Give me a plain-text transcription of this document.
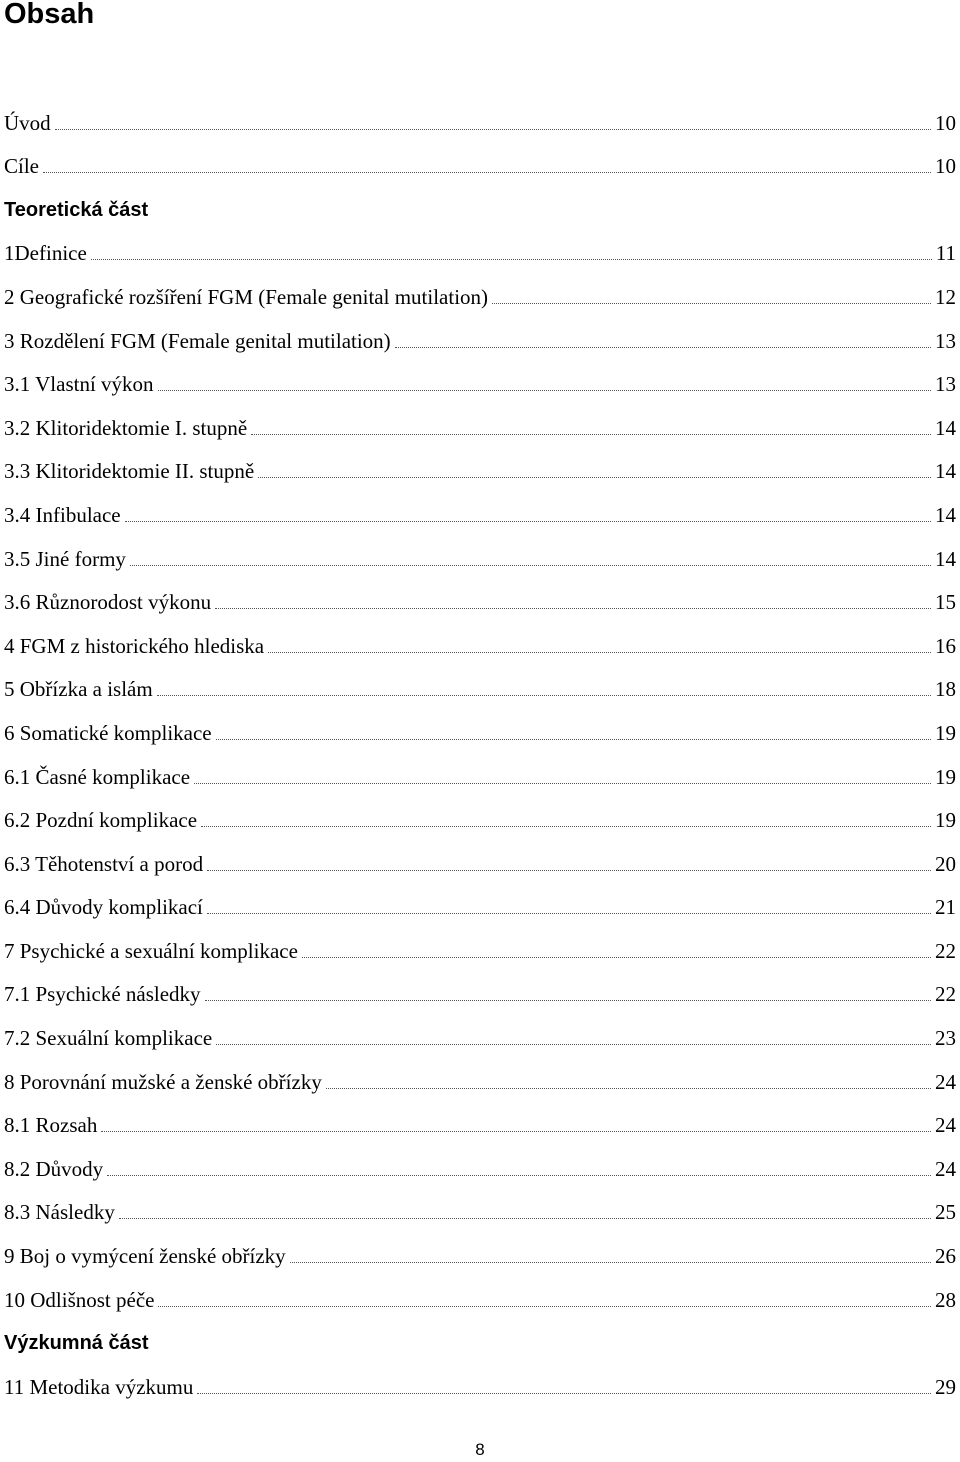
Obsah
Úvod	10
Cíle	10
Teoretická část
1Definice	11
2 Geografické rozšíření FGM (Female genital mutilation)	12
3 Rozdělení FGM (Female genital mutilation)	13
3.1 Vlastní výkon	13
3.2 Klitoridektomie I. stupně	14
3.3 Klitoridektomie II. stupně	14
3.4 Infibulace	14
3.5 Jiné formy	14
3.6 Různorodost výkonu	15
4 FGM z historického hlediska	16
5 Obřízka a islám	18
6 Somatické komplikace	19
6.1 Časné komplikace	19
6.2 Pozdní komplikace	19
6.3 Těhotenství a porod	20
6.4 Důvody komplikací	21
7 Psychické a sexuální komplikace	22
7.1 Psychické následky	22
7.2 Sexuální komplikace	23
8 Porovnání mužské a ženské obřízky	24
8.1 Rozsah	24
8.2 Důvody	24
8.3 Následky	25
9 Boj o vymýcení ženské obřízky	26
10 Odlišnost péče	28
Výzkumná část
11 Metodika výzkumu	29
8
